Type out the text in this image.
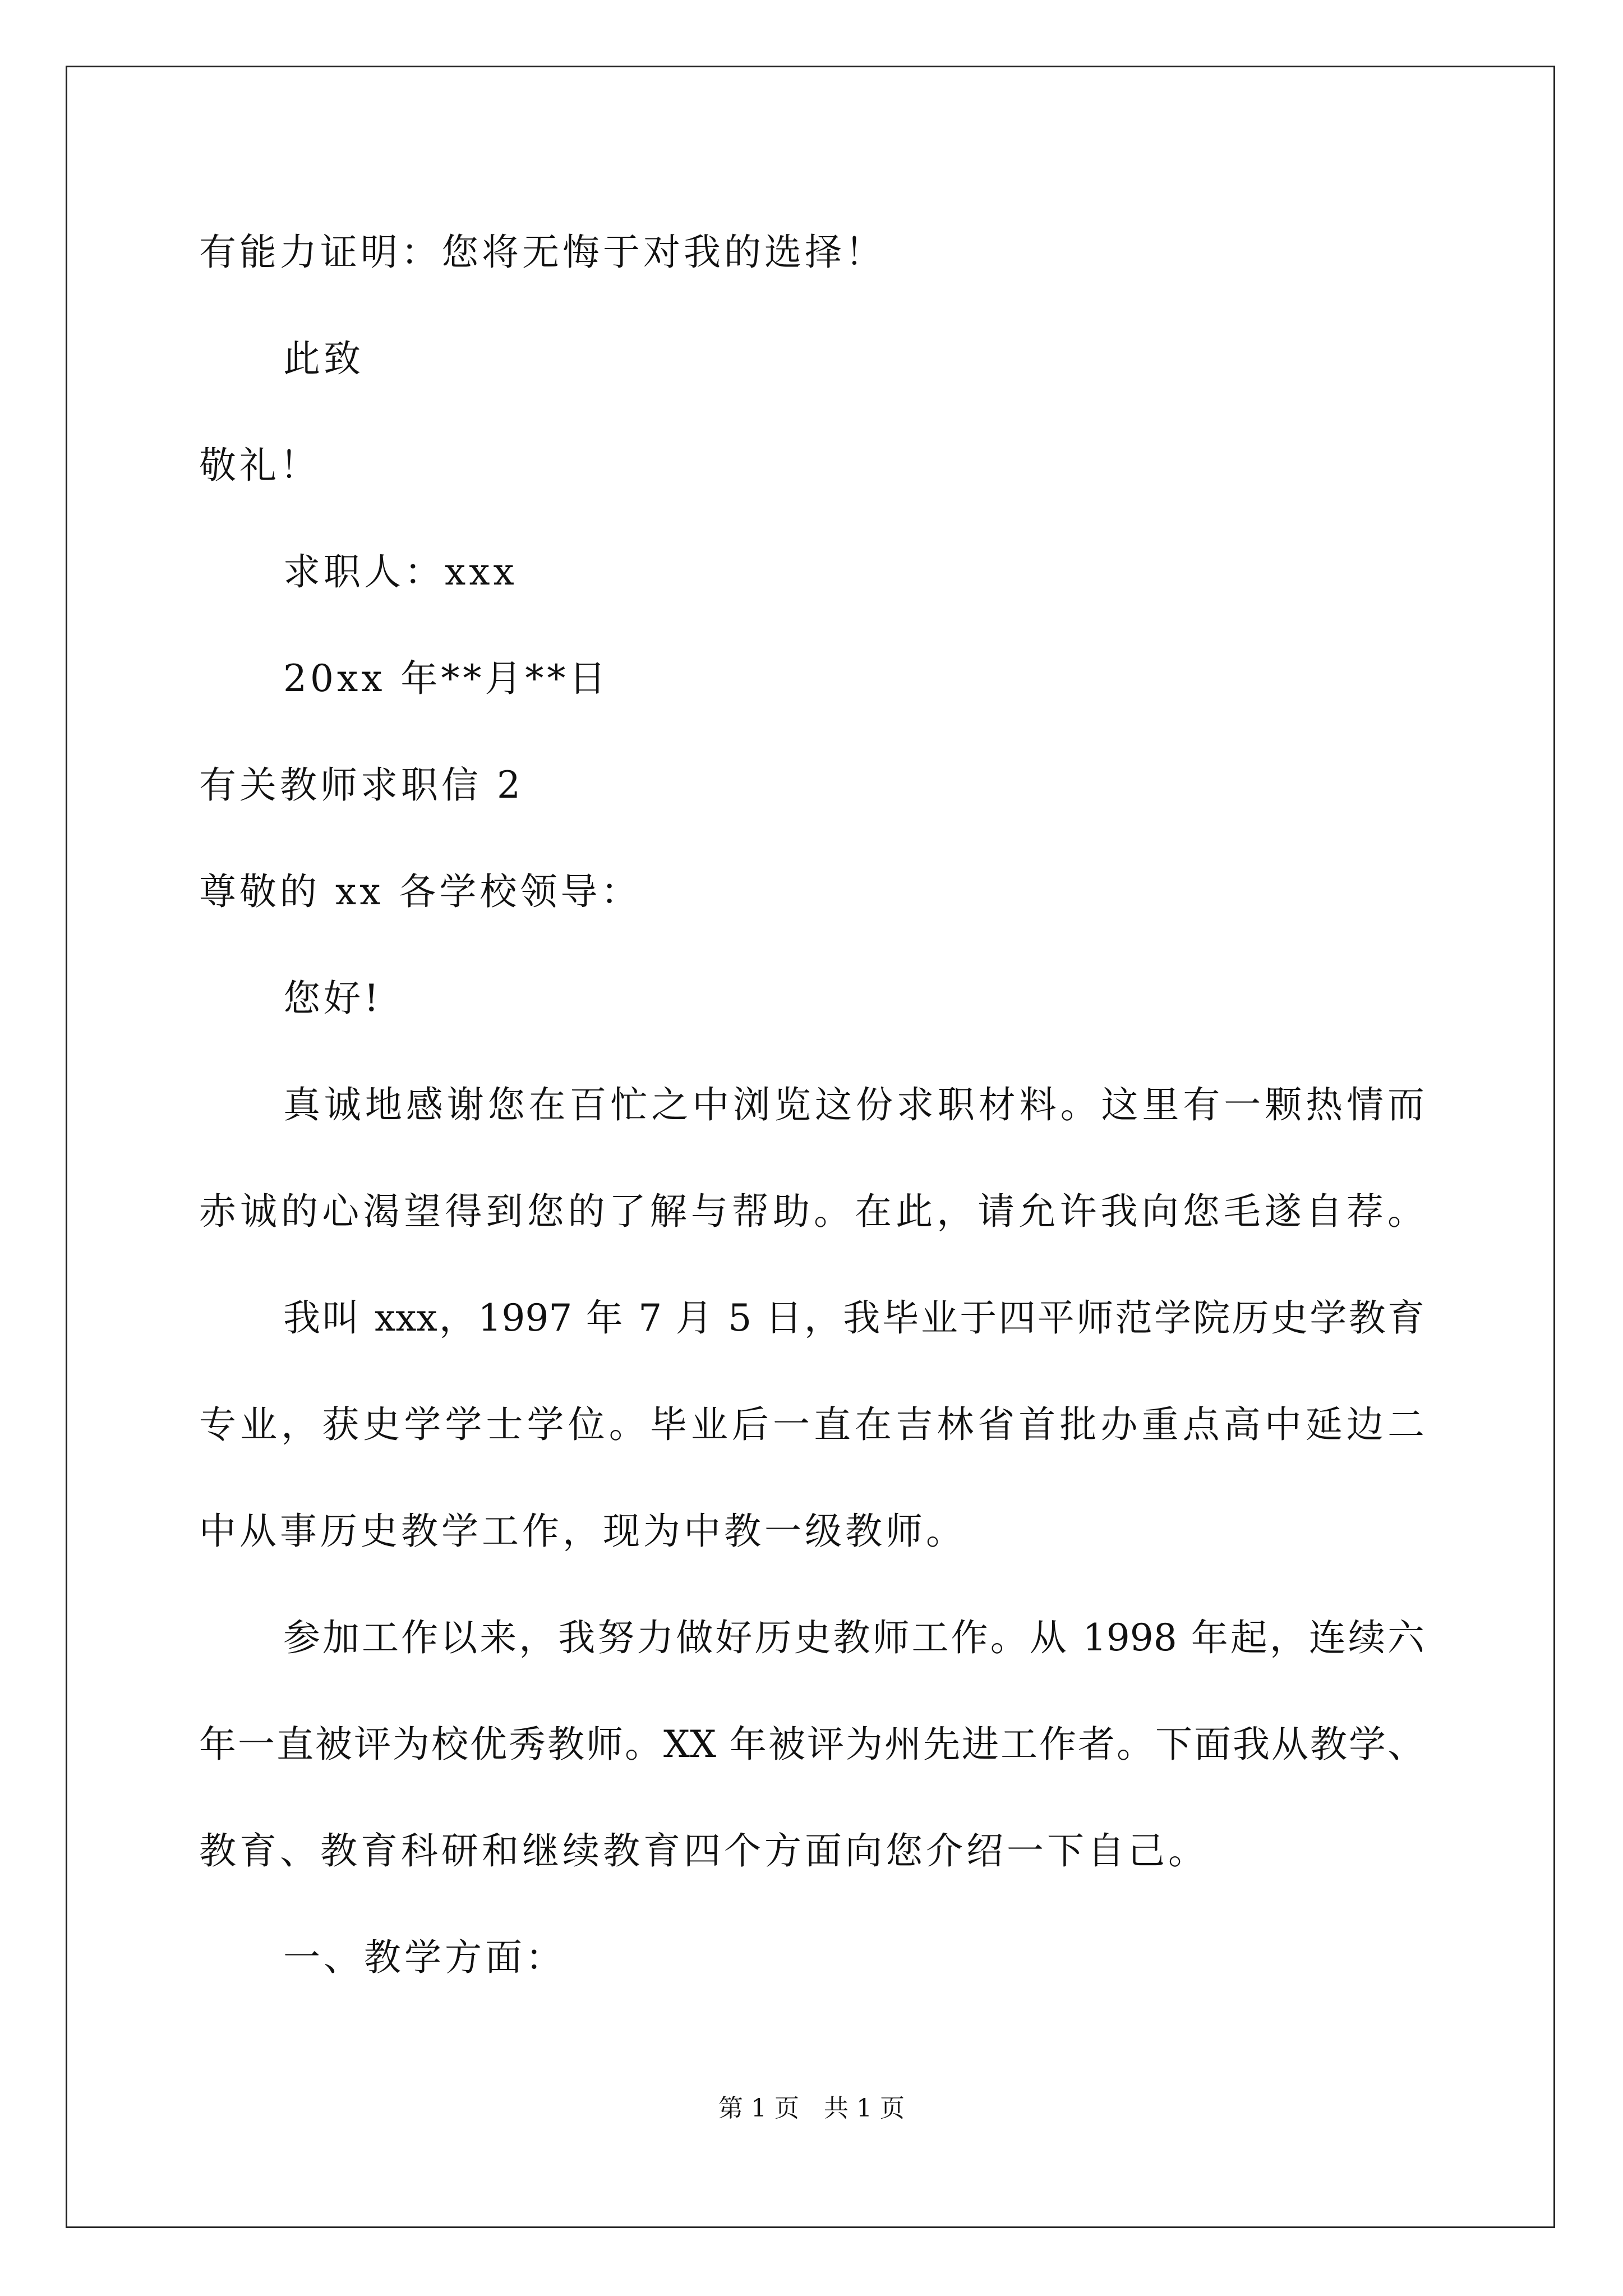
有能力证明：您将无悔于对我的选择！
此致
敬礼！
求职人：xxx
20xx 年**月**日
有关教师求职信 2
尊敬的 xx 各学校领导：
您好!
真诚地感谢您在百忙之中浏览这份求职材料。这里有一颗热情而
赤诚的心渴望得到您的了解与帮助。在此，请允许我向您毛遂自荐。
我叫 xxx，1997 年 7 月 5 日，我毕业于四平师范学院历史学教育
专业，获史学学士学位。毕业后一直在吉林省首批办重点高中延边二
中从事历史教学工作，现为中教一级教师。
参加工作以来，我努力做好历史教师工作。从 1998 年起，连续六
年一直被评为校优秀教师。XX 年被评为州先进工作者。下面我从教学、
教育、教育科研和继续教育四个方面向您介绍一下自己。
一、教学方面：
第 1 页　共 1 页
